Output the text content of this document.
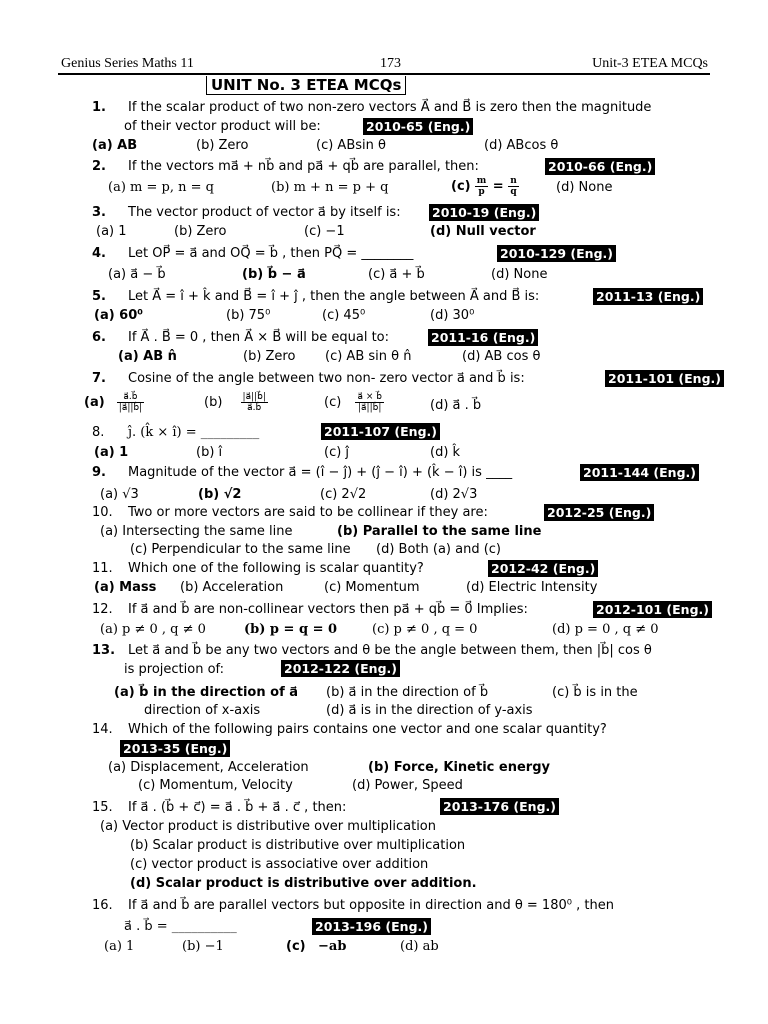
Genius Series Maths 11	173	Unit-3 ETEA MCQs
UNIT No. 3 ETEA MCQs
1. If the scalar product of two non-zero vectors A⃗ and B⃗ is zero then the magnitude
of their vector product will be:	2010-65 (Eng.)
(a) AB	(b) Zero	(c) ABsin θ	(d) ABcos θ
2. If the vectors ma⃗ + nb⃗ and pa⃗ + qb⃗ are parallel, then:	2010-66 (Eng.)
(a) m = p, n = q	(b) m + n = p + q	$(c) \frac{m}{p} = \frac{n}{q}$	(d) None
3. The vector product of vector a⃗ by itself is:	2010-19 (Eng.)
(a) 1	(b) Zero	(c) −1	(d) Null vector
4. Let OP⃗ = a⃗ and OQ⃗ = b⃗ , then PQ⃗ = ________	2010-129 (Eng.)
(a) a⃗ − b⃗	(b) b⃗ − a⃗	(c) a⃗ + b⃗	(d) None
5. Let A⃗ = î + k̂ and B⃗ = î + ĵ , then the angle between A⃗ and B⃗ is:	2011-13 (Eng.)
(a) 60⁰	(b) 75⁰	(c) 45⁰	(d) 30⁰
6. If A⃗ . B⃗ = 0 , then A⃗ × B⃗ will be equal to:	2011-16 (Eng.)
(a) AB n̂	(b) Zero (c) AB sin θ n̂	(d) AB cos θ
7. Cosine of the angle between two non- zero vector a⃗ and b⃗ is:	2011-101 (Eng.)
$(a) \frac{a⃗.b⃗}{|a⃗||b⃗|}$	$(b) \frac{|a⃗||b⃗|}{a⃗.b⃗}$	$(c) \frac{a⃗ \times b⃗}{|a⃗||b⃗|}$	(d) a⃗ . b⃗
8. ĵ. (k̂ × î) = _________	2011-107 (Eng.)
(a) 1	(b) î	(c) ĵ	(d) k̂
9. Magnitude of the vector a⃗ = (î − ĵ) + (ĵ − î) + (k̂ − î) is ____	2011-144 (Eng.)
(a) √3	(b) √2	(c) 2√2	(d) 2√3
10. Two or more vectors are said to be collinear if they are:	2012-25 (Eng.)
(a) Intersecting the same line	(b) Parallel to the same line
(c) Perpendicular to the same line (d) Both (a) and (c)
11. Which one of the following is scalar quantity?	2012-42 (Eng.)
(a) Mass (b) Acceleration	(c) Momentum	(d) Electric Intensity
12. If a⃗ and b⃗ are non-collinear vectors then pa⃗ + qb⃗ = 0⃗ Implies:	2012-101 (Eng.)
(a) p ≠ 0 , q ≠ 0	(b) p = q = 0	(c) p ≠ 0 , q = 0	(d) p = 0 , q ≠ 0
13. Let a⃗ and b⃗ be any two vectors and θ be the angle between them, then |b⃗| cos θ
is projection of:	2012-122 (Eng.)
(a) b⃗ in the direction of a⃗ (b) a⃗ in the direction of b⃗	(c) b⃗ is in the
direction of x-axis	(d) a⃗ is in the direction of y-axis
14. Which of the following pairs contains one vector and one scalar quantity?
2013-35 (Eng.)
(a) Displacement, Acceleration	(b) Force, Kinetic energy
(c) Momentum, Velocity	(d) Power, Speed
15. If a⃗ . (b⃗ + c⃗) = a⃗ . b⃗ + a⃗ . c⃗ , then:	2013-176 (Eng.)
(a) Vector product is distributive over multiplication
(b) Scalar product is distributive over multiplication
(c) vector product is associative over addition
(d) Scalar product is distributive over addition.
16. If a⃗ and b⃗ are parallel vectors but opposite in direction and θ = 180⁰ , then
a⃗ . b⃗ = __________	2013-196 (Eng.)
(a) 1	(b) −1	(c) −ab	(d) ab
